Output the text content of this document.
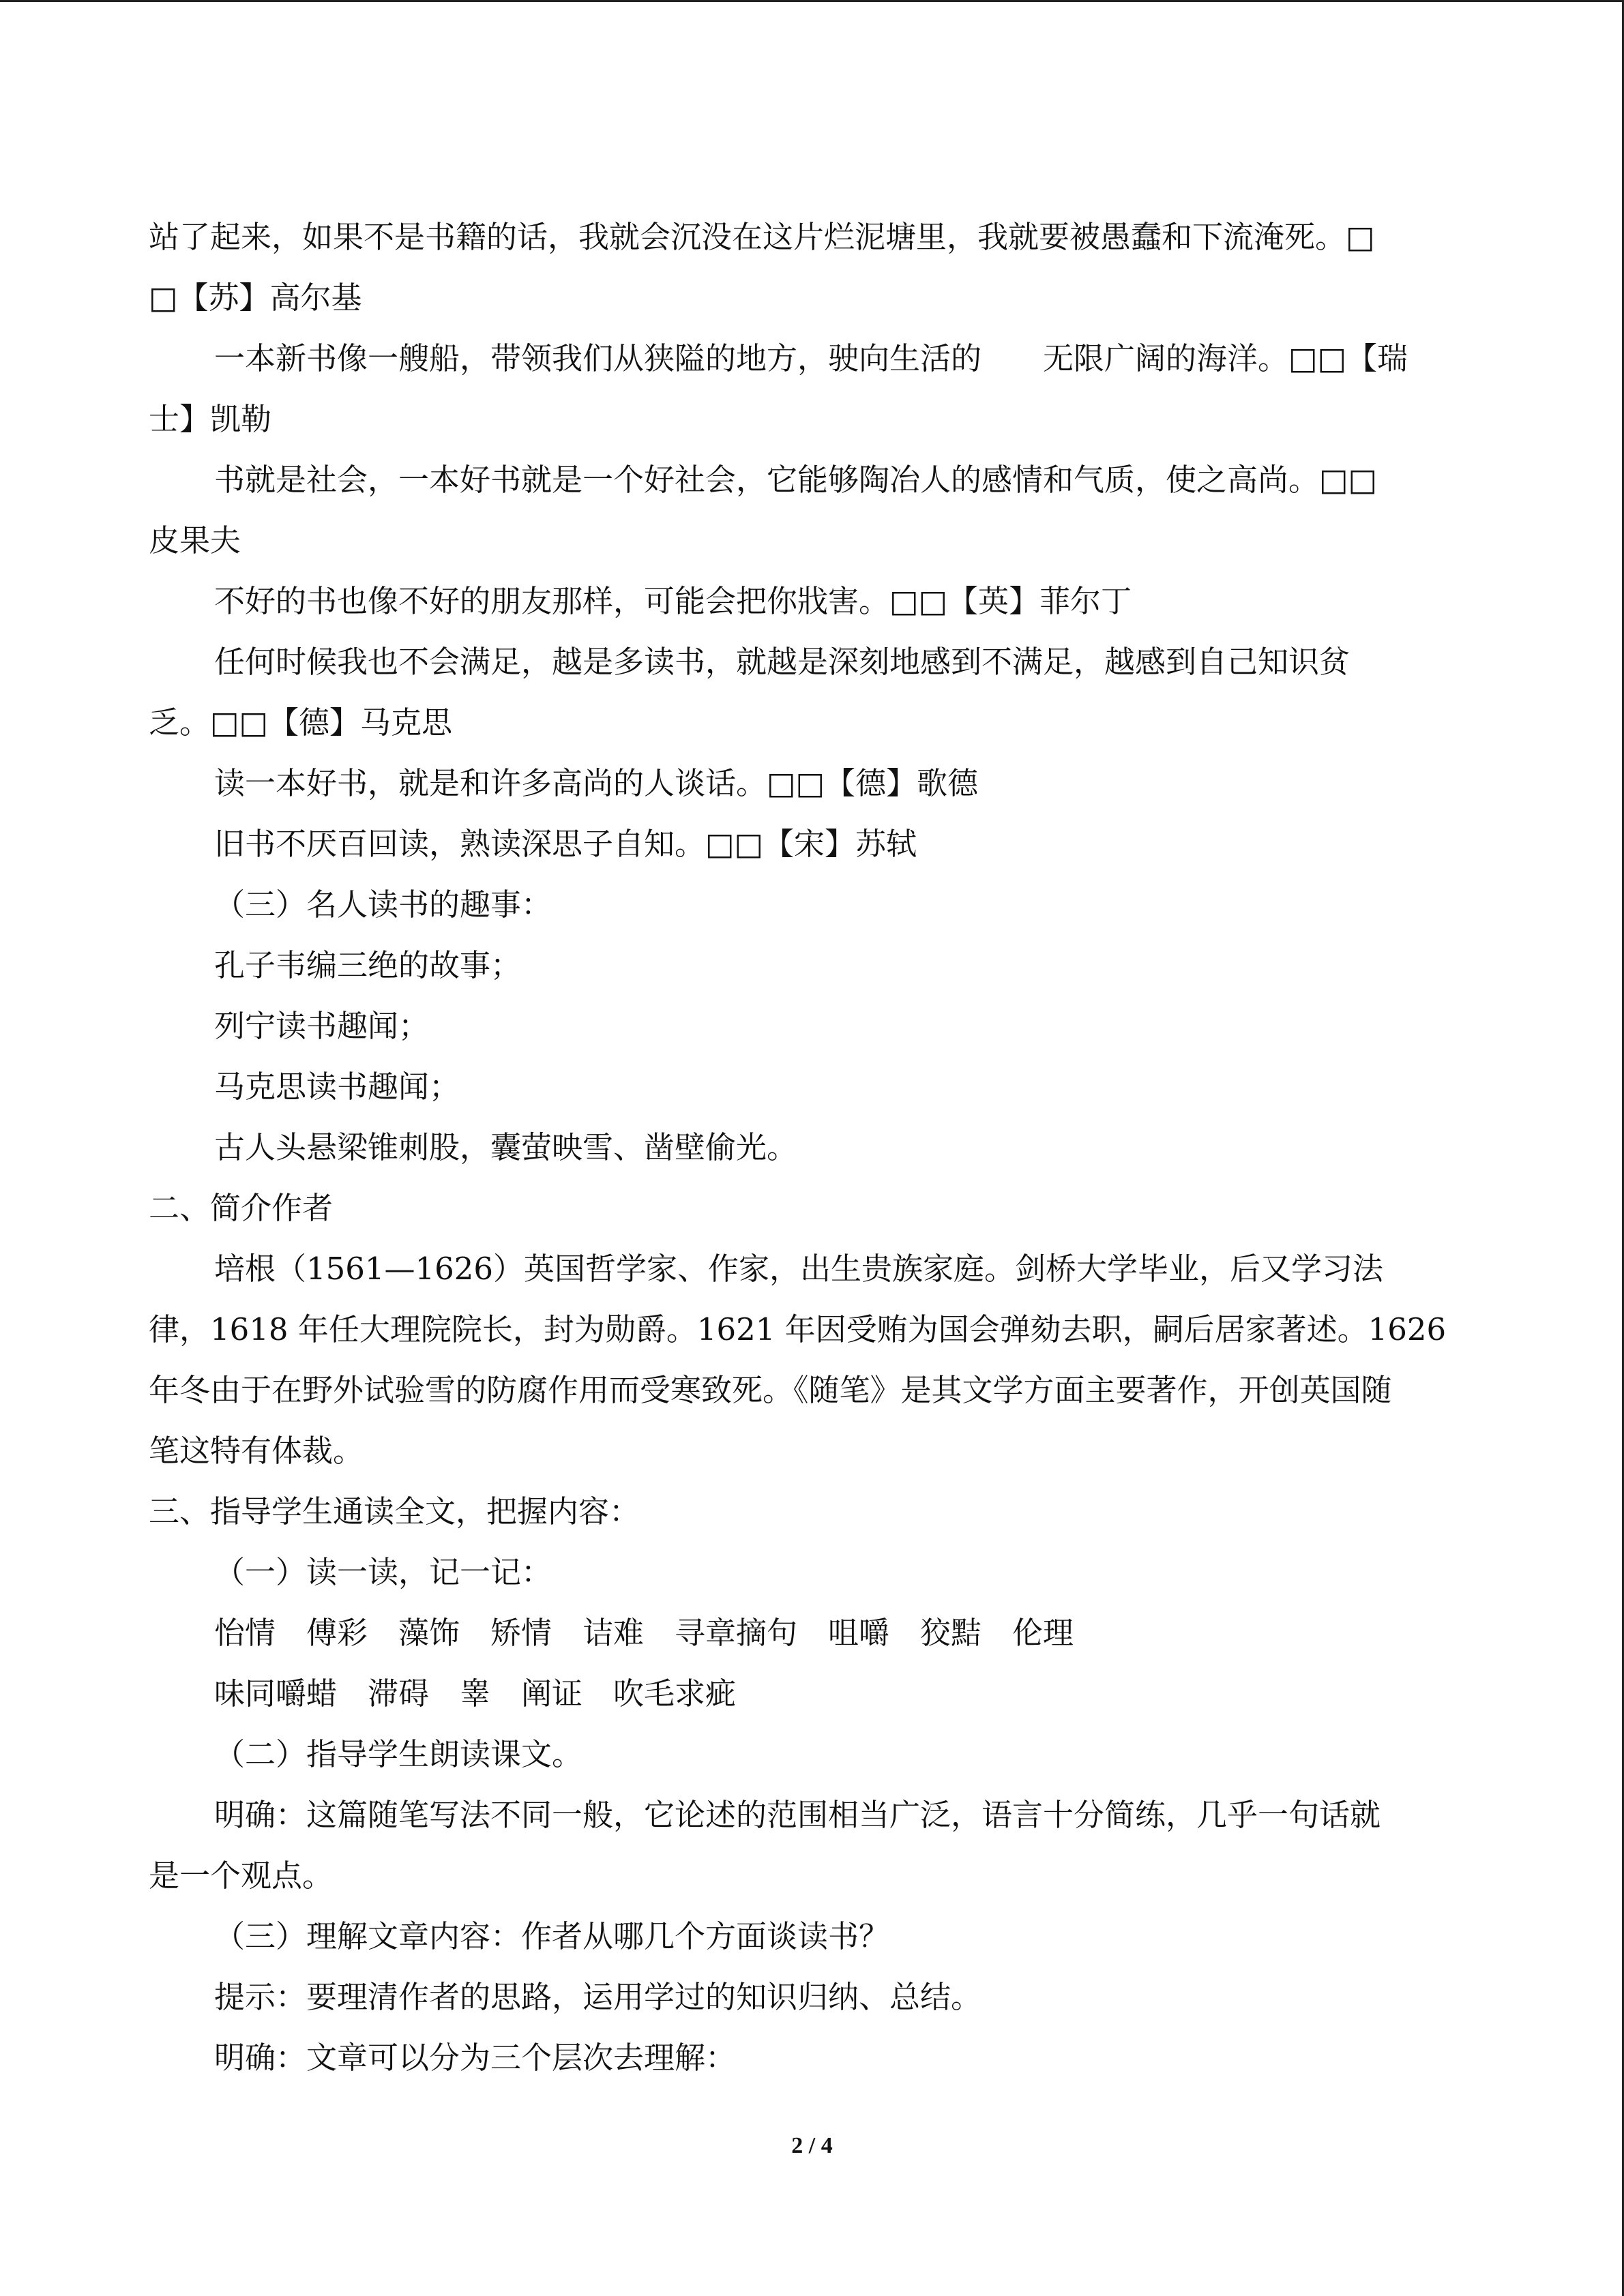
站了起来，如果不是书籍的话，我就会沉没在这片烂泥塘里，我就要被愚蠢和下流淹死。□
□【苏】高尔基
一本新书像一艘船，带领我们从狭隘的地方，驶向生活的　　无限广阔的海洋。□□【瑞
士】凯勒
书就是社会，一本好书就是一个好社会，它能够陶冶人的感情和气质，使之高尚。□□
皮果夫
不好的书也像不好的朋友那样，可能会把你戕害。□□【英】菲尔丁
任何时候我也不会满足，越是多读书，就越是深刻地感到不满足，越感到自己知识贫
乏。□□【德】马克思
读一本好书，就是和许多高尚的人谈话。□□【德】歌德
旧书不厌百回读，熟读深思子自知。□□【宋】苏轼
（三）名人读书的趣事：
孔子韦编三绝的故事；
列宁读书趣闻；
马克思读书趣闻；
古人头悬梁锥刺股，囊萤映雪、凿壁偷光。
二、简介作者
培根（1561—1626）英国哲学家、作家，出生贵族家庭。剑桥大学毕业，后又学习法
律，1618 年任大理院院长，封为勋爵。1621 年因受贿为国会弹劾去职，嗣后居家著述。1626
年冬由于在野外试验雪的防腐作用而受寒致死。《随笔》是其文学方面主要著作，开创英国随
笔这特有体裁。
三、指导学生通读全文，把握内容：
（一）读一读，记一记：
怡情　傅彩　藻饰　矫情　诘难　寻章摘句　咀嚼　狡黠　伦理
味同嚼蜡　滞碍　睾　阐证　吹毛求疵
（二）指导学生朗读课文。
明确：这篇随笔写法不同一般，它论述的范围相当广泛，语言十分简练，几乎一句话就
是一个观点。
（三）理解文章内容：作者从哪几个方面谈读书？
提示：要理清作者的思路，运用学过的知识归纳、总结。
明确：文章可以分为三个层次去理解：
2 / 4
